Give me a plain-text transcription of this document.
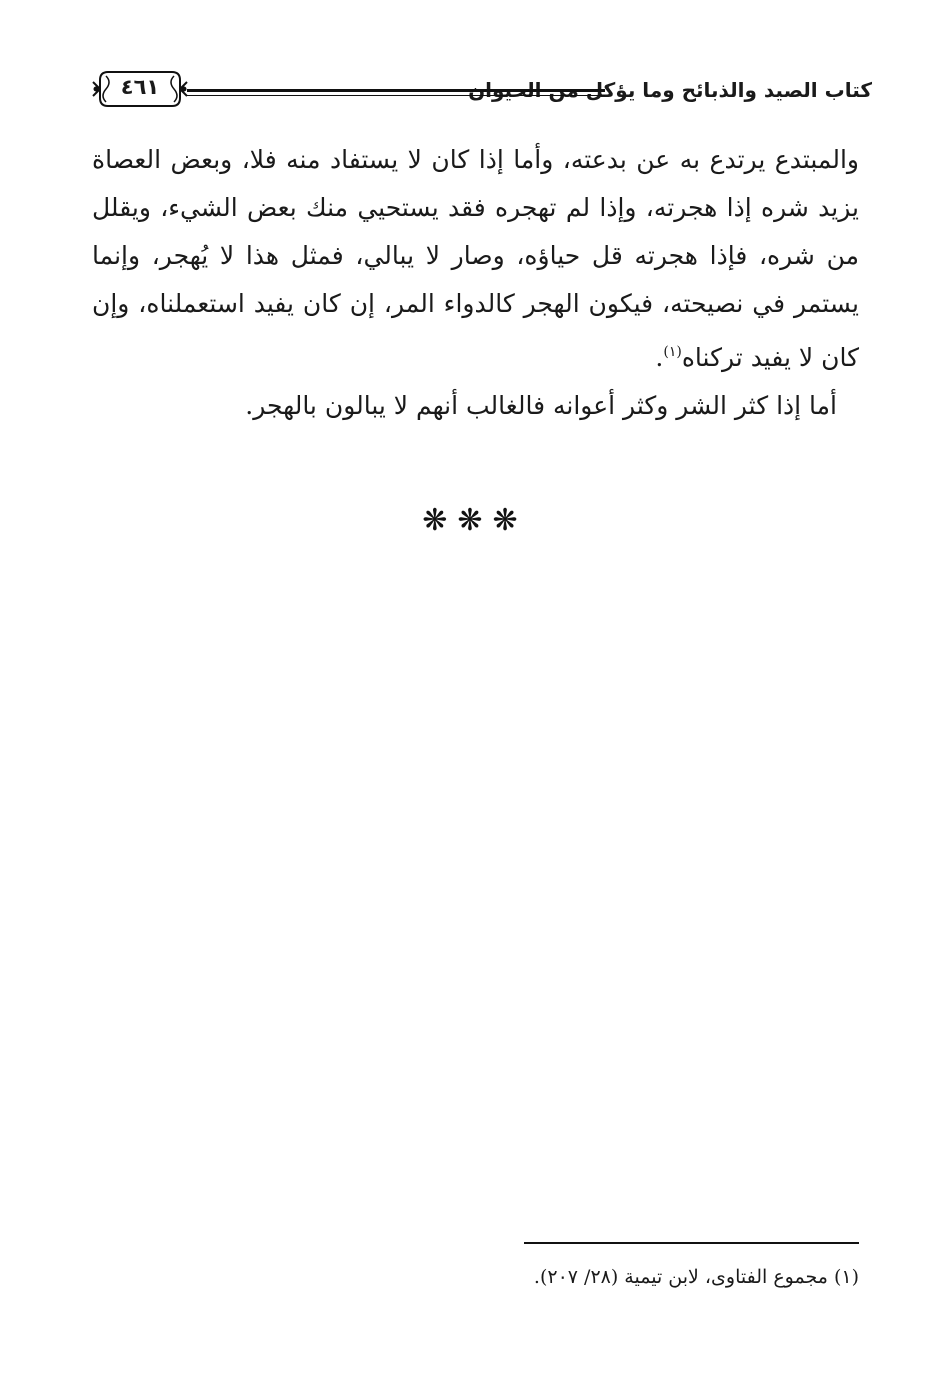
كتاب الصيد والذبائح وما يؤكل من الحيوان
٤٦١

والمبتدع يرتدع به عن بدعته، وأما إذا كان لا يستفاد منه فلا، وبعض العصاة يزيد شره إذا هجرته، وإذا لم تهجره فقد يستحيي منك بعض الشيء، ويقلل من شره، فإذا هجرته قل حياؤه، وصار لا يبالي، فمثل هذا لا يُهجر، وإنما يستمر في نصيحته، فيكون الهجر كالدواء المر، إن كان يفيد استعملناه، وإن كان لا يفيد تركناه$^{(١)}$.

أما إذا كثر الشر وكثر أعوانه فالغالب أنهم لا يبالون بالهجر.

❋❋❋
(١) مجموع الفتاوى، لابن تيمية (٢٨/ ٢٠٧).
